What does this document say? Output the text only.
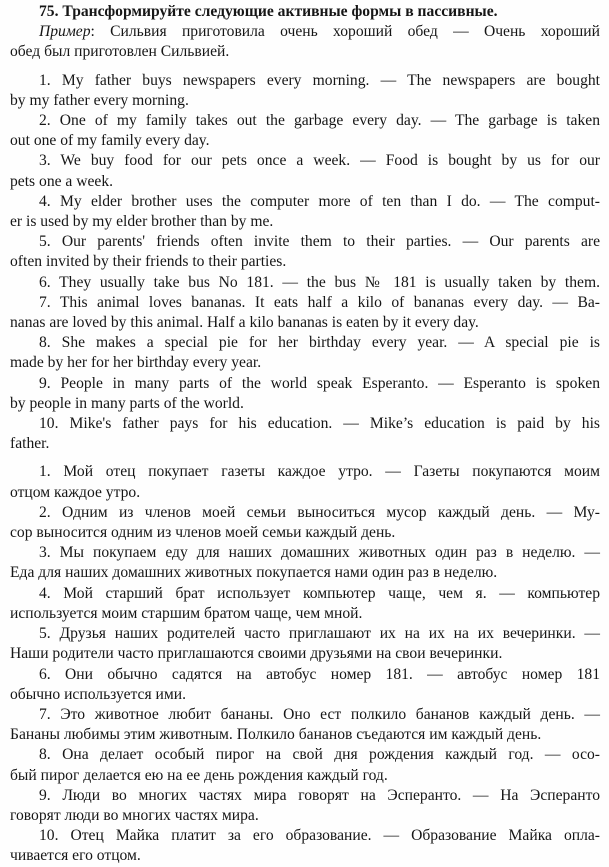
75. Трансформируйте следующие активные формы в пассивные.
Пример: Сильвия приготовила очень хороший обед — Очень хороший
обед был приготовлен Сильвией.
1. My father buys newspapers every morning. — The newspapers are bought
by my father every morning.
2. One of my family takes out the garbage every day. — The garbage is taken
out one of my family every day.
3. We buy food for our pets once a week. — Food is bought by us for our
pets one a week.
4. My elder brother uses the computer more of ten than I do. — The comput-
er is used by my elder brother than by me.
5. Our parents' friends often invite them to their parties. — Our parents are
often invited by their friends to their parties.
6. They usually take bus No 181. — the bus № 181 is usually taken by them.
7. This animal loves bananas. It eats half a kilo of bananas every day. — Ba-
nanas are loved by this animal. Half a kilo bananas is eaten by it every day.
8. She makes a special pie for her birthday every year. — A special pie is
made by her for her birthday every year.
9. People in many parts of the world speak Esperanto. — Esperanto is spoken
by people in many parts of the world.
10. Mike's father pays for his education. — Mike’s education is paid by his
father.
1. Мой отец покупает газеты каждое утро. — Газеты покупаются моим
отцом каждое утро.
2. Одним из членов моей семьи выноситься мусор каждый день. — Му-
сор выносится одним из членов моей семьи каждый день.
3. Мы покупаем еду для наших домашних животных один раз в неделю. —
Еда для наших домашних животных покупается нами один раз в неделю.
4. Мой старший брат использует компьютер чаще, чем я. — компьютер
используется моим старшим братом чаще, чем мной.
5. Друзья наших родителей часто приглашают их на их на их вечеринки. —
Наши родители часто приглашаются своими друзьями на свои вечеринки.
6. Они обычно садятся на автобус номер 181. — автобус номер 181
обычно используется ими.
7. Это животное любит бананы. Оно ест полкило бананов каждый день. —
Бананы любимы этим животным. Полкило бананов съедаются им каждый день.
8. Она делает особый пирог на свой дня рождения каждый год. — осо-
бый пирог делается ею на ее день рождения каждый год.
9. Люди во многих частях мира говорят на Эсперанто. — На Эсперанто
говорят люди во многих частях мира.
10. Отец Майка платит за его образование. — Образование Майка опла-
чивается его отцом.
